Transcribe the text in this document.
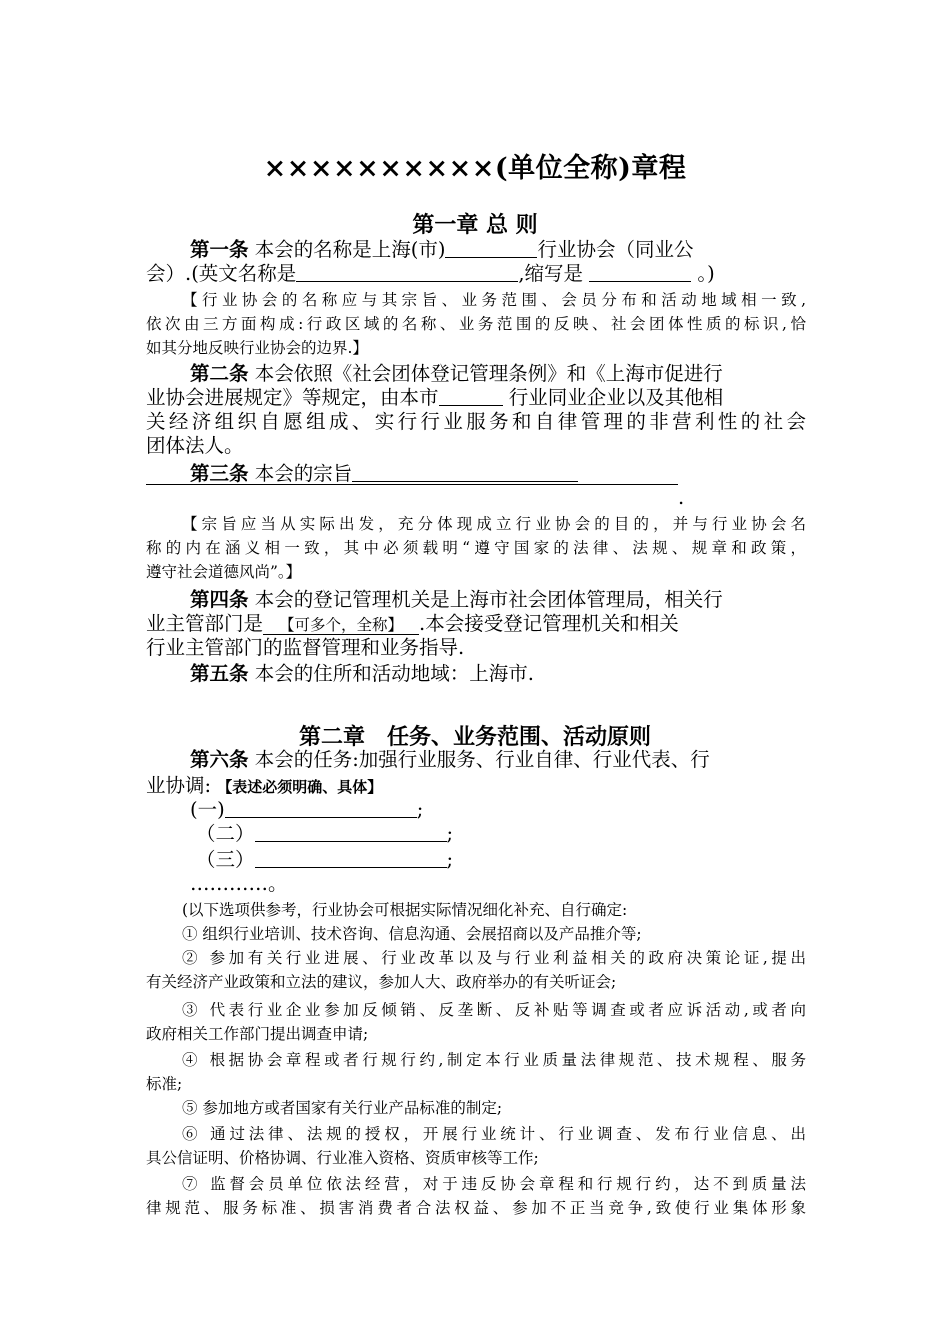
××××××××××(单位全称)章程
第一章 总 则
第一条 本会的名称是上海(市)	行业协会（同业公
会）.(英文名称是	,缩写是	。)
【行业协会的名称应与其宗旨、业务范围、会员分布和活动地域相一致,
依次由三方面构成:行政区域的名称、业务范围的反映、社会团体性质的标识,恰
如其分地反映行业协会的边界.】
第二条 本会依照《社会团体登记管理条例》和《上海市促进行
业协会进展规定》等规定，由本市	行业同业企业以及其他相
关经济组织自愿组成、实行行业服务和自律管理的非营利性的社会
团体法人。
第三条 本会的宗旨
.
【宗旨应当从实际出发，充分体现成立行业协会的目的，并与行业协会名
称的内在涵义相一致，其中必须载明“遵守国家的法律、法规、规章和政策，
遵守社会道德风尚”。】
第四条 本会的登记管理机关是上海市社会团体管理局，相关行
业主管部门是 【可多个，全称】 .本会接受登记管理机关和相关
行业主管部门的监督管理和业务指导.
第五条 本会的住所和活动地域：上海市.
第二章　任务、业务范围、活动原则
第六条 本会的任务:加强行业服务、行业自律、行业代表、行
业协调: 【表述必须明确、具体】
(一)	;
（二）	;
（三）	;
…………。
(以下选项供参考，行业协会可根据实际情况细化补充、自行确定:
① 组织行业培训、技术咨询、信息沟通、会展招商以及产品推介等;
② 参加有关行业进展、行业改革以及与行业利益相关的政府决策论证,提出
有关经济产业政策和立法的建议，参加人大、政府举办的有关听证会;
③ 代表行业企业参加反倾销、反垄断、反补贴等调查或者应诉活动,或者向
政府相关工作部门提出调查申请;
④ 根据协会章程或者行规行约,制定本行业质量法律规范、技术规程、服务
标准;
⑤ 参加地方或者国家有关行业产品标准的制定;
⑥ 通过法律、法规的授权，开展行业统计、行业调查、发布行业信息、出
具公信证明、价格协调、行业准入资格、资质审核等工作;
⑦ 监督会员单位依法经营，对于违反协会章程和行规行约，达不到质量法
律规范、服务标准、损害消费者合法权益、参加不正当竞争,致使行业集体形象
